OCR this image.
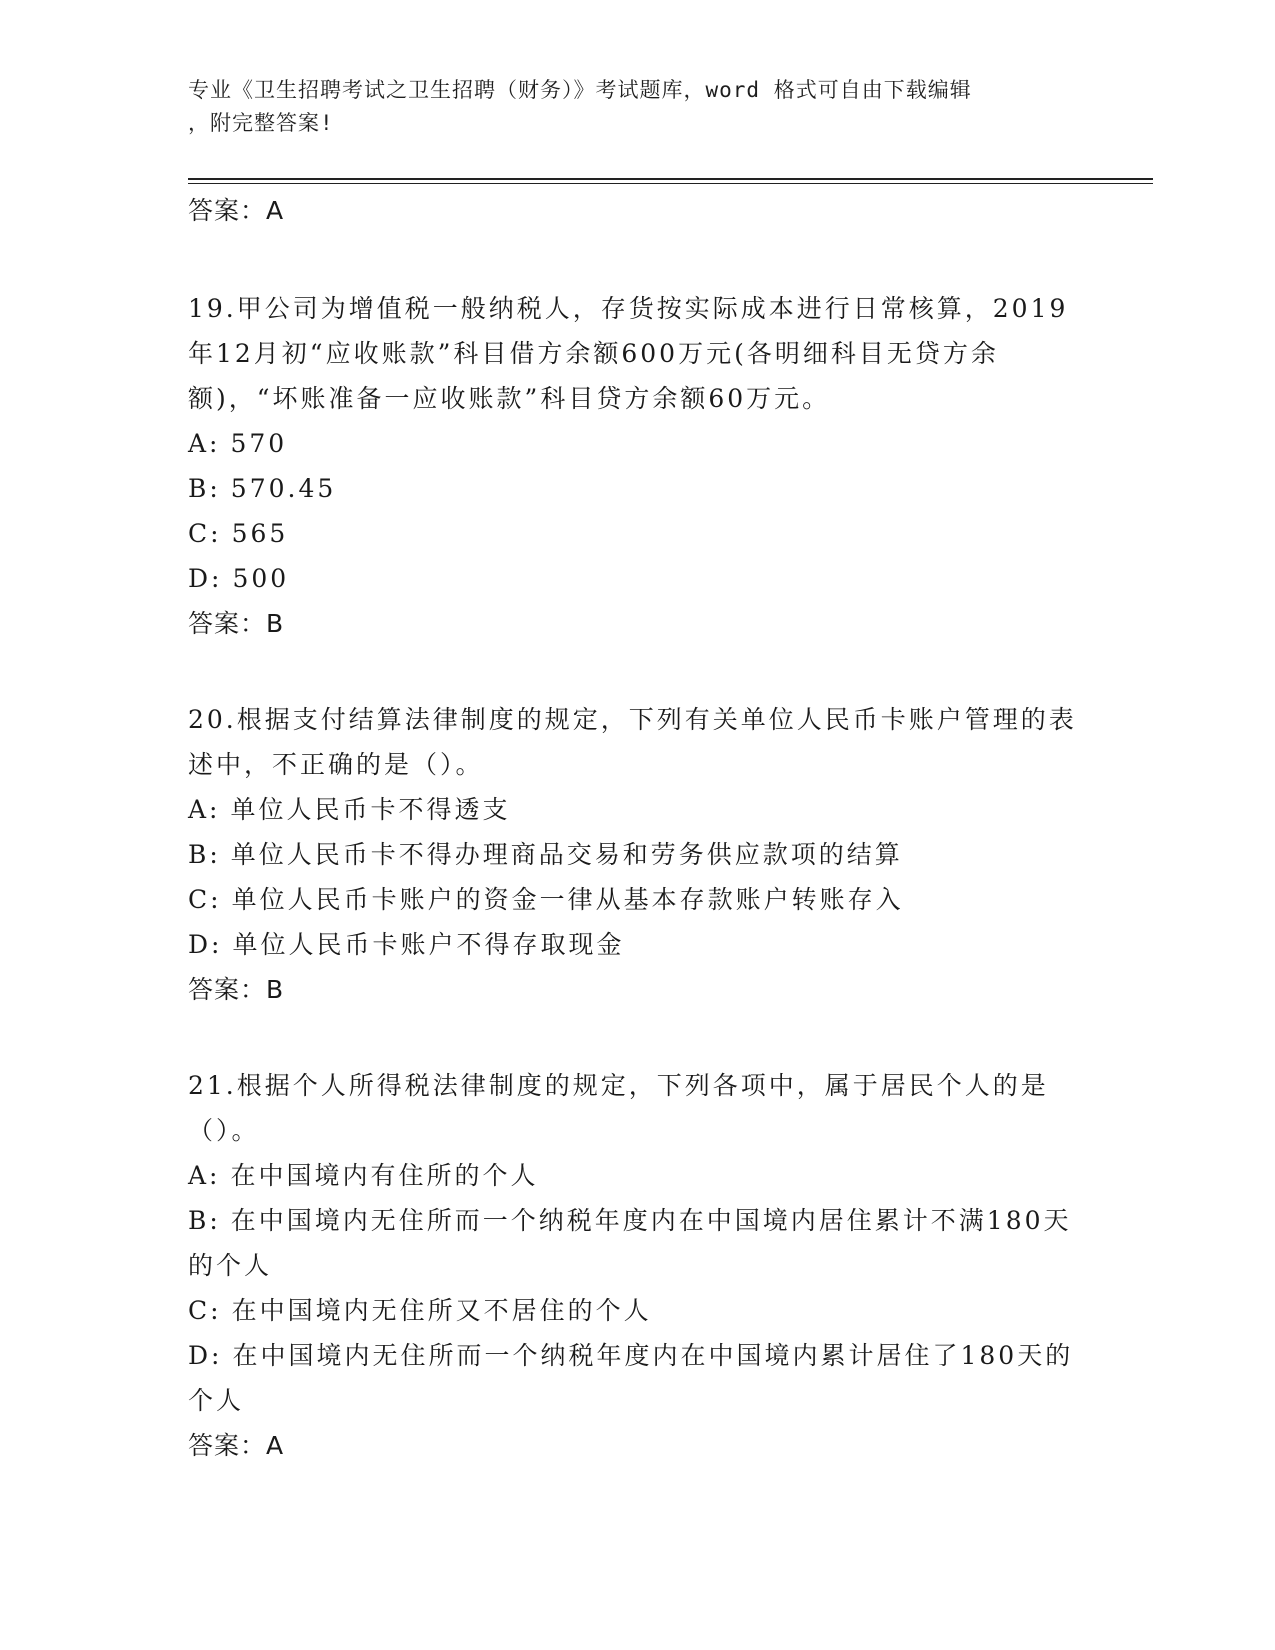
专业《卫生招聘考试之卫生招聘（财务）》考试题库，word 格式可自由下载编辑
，附完整答案!
答案：A
19.甲公司为增值税一般纳税人，存货按实际成本进行日常核算，2019年12月初“应收账款”科目借方余额600万元(各明细科目无贷方余额)，“坏账准备一应收账款”科目贷方余额60万元。
A: 570
B: 570.45
C: 565
D: 500
答案：B
20.根据支付结算法律制度的规定，下列有关单位人民币卡账户管理的表述中，不正确的是（）。
A: 单位人民币卡不得透支
B: 单位人民币卡不得办理商品交易和劳务供应款项的结算
C: 单位人民币卡账户的资金一律从基本存款账户转账存入
D: 单位人民币卡账户不得存取现金
答案：B
21.根据个人所得税法律制度的规定，下列各项中，属于居民个人的是（）。
A: 在中国境内有住所的个人
B: 在中国境内无住所而一个纳税年度内在中国境内居住累计不满180天的个人
C: 在中国境内无住所又不居住的个人
D: 在中国境内无住所而一个纳税年度内在中国境内累计居住了180天的个人
答案：A
